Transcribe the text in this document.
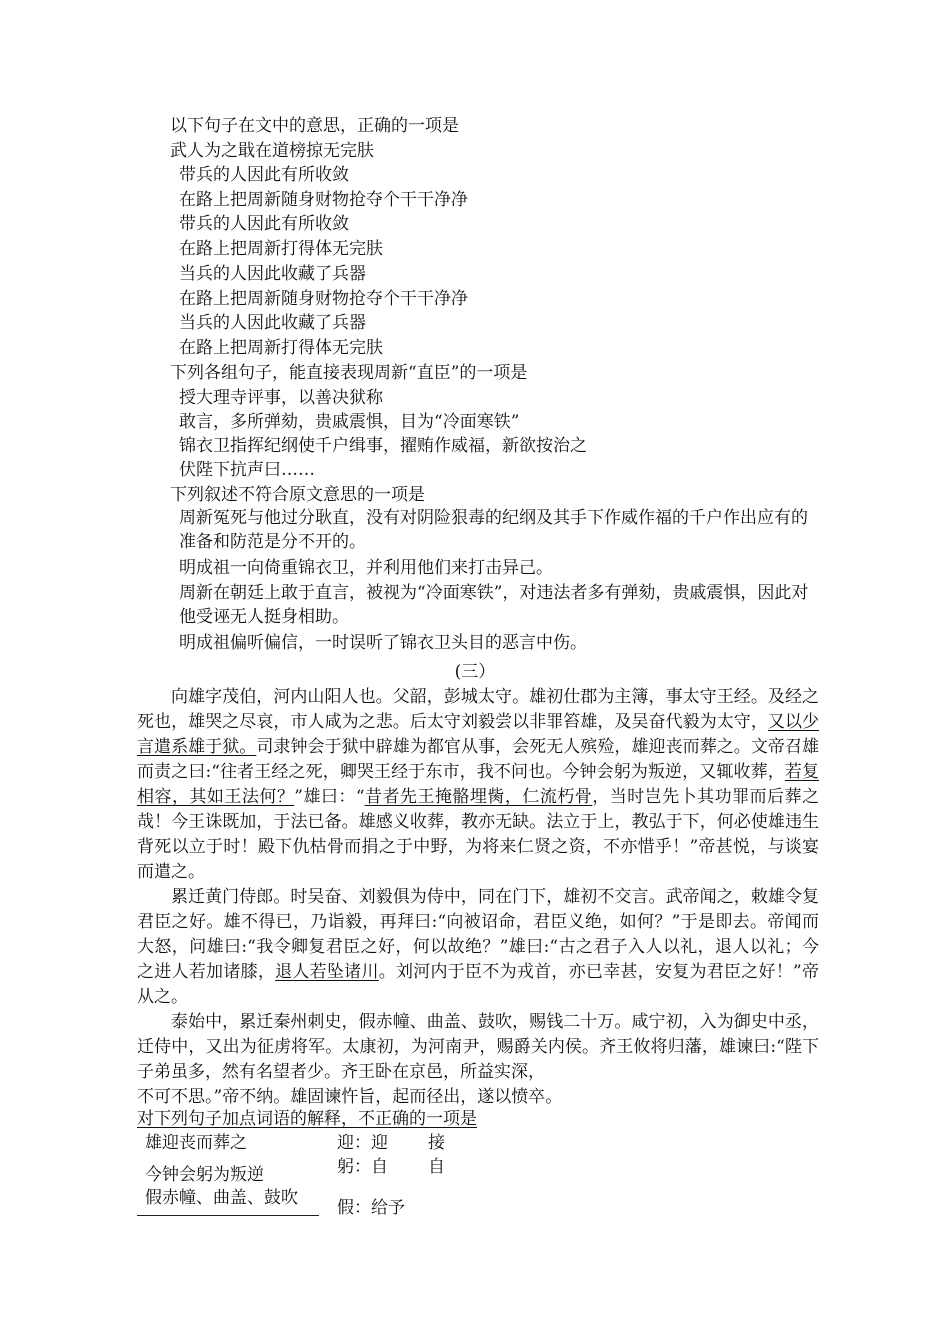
以下句子在文中的意思，正确的一项是
武人为之戢在道榜掠无完肤
带兵的人因此有所收敛
在路上把周新随身财物抢夺个干干净净
带兵的人因此有所收敛
在路上把周新打得体无完肤
当兵的人因此收藏了兵器
在路上把周新随身财物抢夺个干干净净
当兵的人因此收藏了兵器
在路上把周新打得体无完肤
下列各组句子，能直接表现周新“直臣”的一项是
授大理寺评事，以善决狱称
敢言，多所弹劾，贵戚震惧，目为“冷面寒铁”
锦衣卫指挥纪纲使千户缉事，擢贿作威福，新欲按治之
伏陛下抗声曰……
下列叙述不符合原文意思的一项是
周新冤死与他过分耿直，没有对阴险狠毒的纪纲及其手下作威作福的千户作出应有的准备和防范是分不开的。
明成祖一向倚重锦衣卫，并利用他们来打击异己。
周新在朝廷上敢于直言，被视为“冷面寒铁”，对违法者多有弹劾，贵戚震惧，因此对他受诬无人挺身相助。
明成祖偏听偏信，一时误听了锦衣卫头目的恶言中伤。
(三）

向雄字茂伯，河内山阳人也。父韶，彭城太守。雄初仕郡为主簿，事太守王经。及经之死也，雄哭之尽哀，市人咸为之悲。后太守刘毅尝以非罪笞雄，及吴奋代毅为太守，又以少言遣系雄于狱。司隶钟会于狱中辟雄为都官从事，会死无人殡殓，雄迎丧而葬之。文帝召雄而责之曰:“往者王经之死，卿哭王经于东市，我不问也。今钟会躬为叛逆，又辄收葬，若复相容，其如王法何？”雄曰：“昔者先王掩骼埋胔，仁流朽骨，当时岂先卜其功罪而后葬之哉！今王诛既加，于法已备。雄感义收葬，教亦无缺。法立于上，教弘于下，何必使雄违生背死以立于时！殿下仇枯骨而捐之于中野，为将来仁贤之资，不亦惜乎！”帝甚悦，与谈宴而遣之。

累迁黄门侍郎。时吴奋、刘毅俱为侍中，同在门下，雄初不交言。武帝闻之，敕雄令复君臣之好。雄不得已，乃诣毅，再拜曰:“向被诏命，君臣义绝，如何？”于是即去。帝闻而大怒，问雄曰:“我令卿复君臣之好，何以故绝？”雄曰:“古之君子入人以礼，退人以礼；今之进人若加诸膝，退人若坠诸川。刘河内于臣不为戎首，亦已幸甚，安复为君臣之好！”帝从之。

泰始中，累迁秦州刺史，假赤幢、曲盖、鼓吹，赐钱二十万。咸宁初，入为御史中丞，迁侍中，又出为征虏将军。太康初，为河南尹，赐爵关内侯。齐王攸将归藩，雄谏曰:“陛下子弟虽多，然有名望者少。齐王卧在京邑，所益实深，

不可不思。”帝不纳。雄固谏忤旨，起而径出，遂以愤卒。

对下列句子加点词语的解释，不正确的一项是
雄迎丧而葬之	迎：迎 接
今钟会躬为叛逆	躬：自 自
假赤幢、曲盖、鼓吹	假：给予
